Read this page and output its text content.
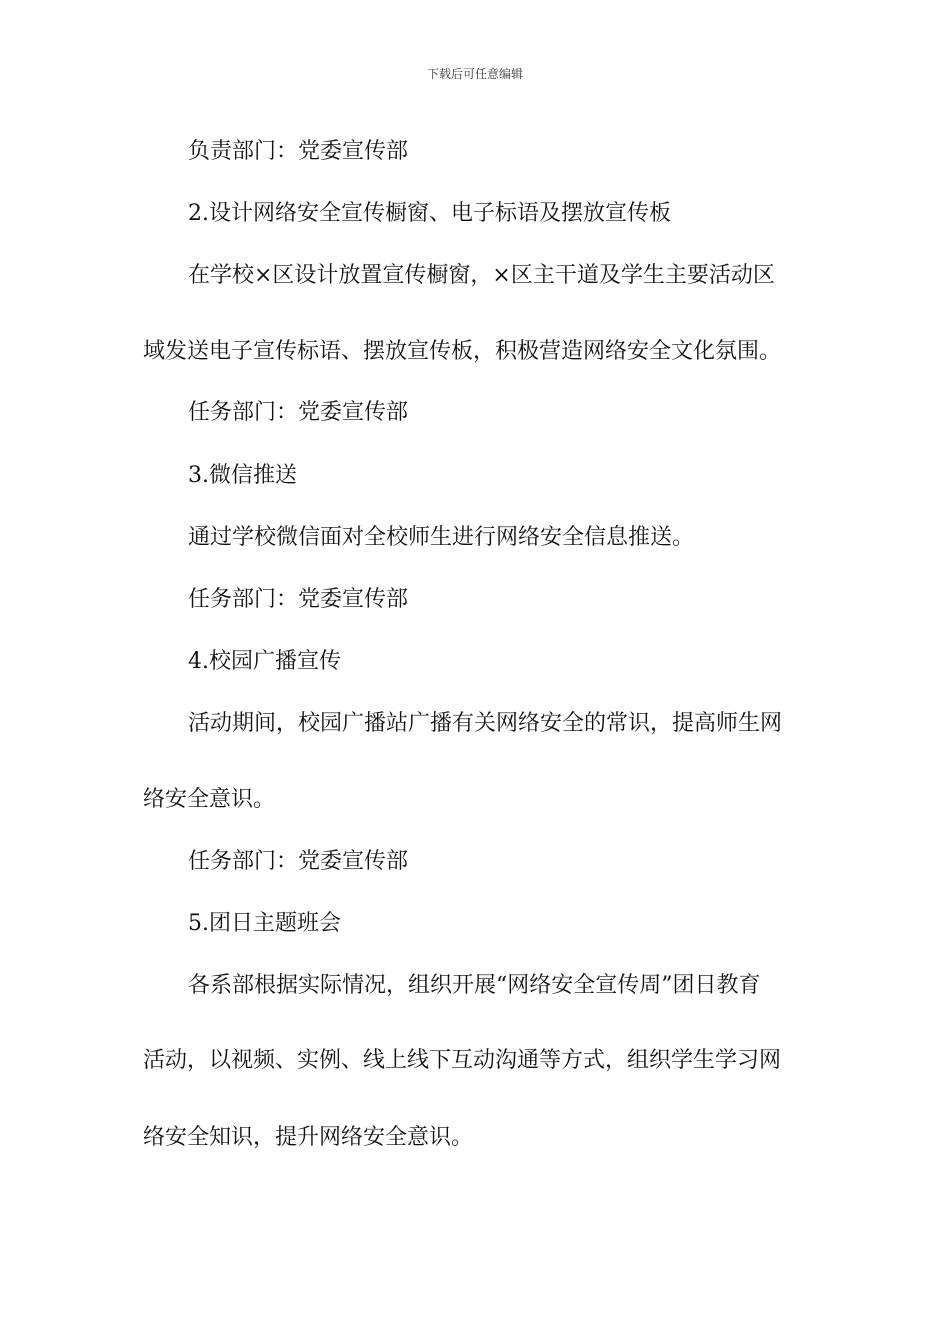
下载后可任意编辑
负责部门：党委宣传部
2.设计网络安全宣传橱窗、电子标语及摆放宣传板
在学校×区设计放置宣传橱窗，×区主干道及学生主要活动区
域发送电子宣传标语、摆放宣传板，积极营造网络安全文化氛围。
任务部门：党委宣传部
3.微信推送
通过学校微信面对全校师生进行网络安全信息推送。
任务部门：党委宣传部
4.校园广播宣传
活动期间，校园广播站广播有关网络安全的常识，提高师生网
络安全意识。
任务部门：党委宣传部
5.团日主题班会
各系部根据实际情况，组织开展“网络安全宣传周”团日教育
活动，以视频、实例、线上线下互动沟通等方式，组织学生学习网
络安全知识，提升网络安全意识。
